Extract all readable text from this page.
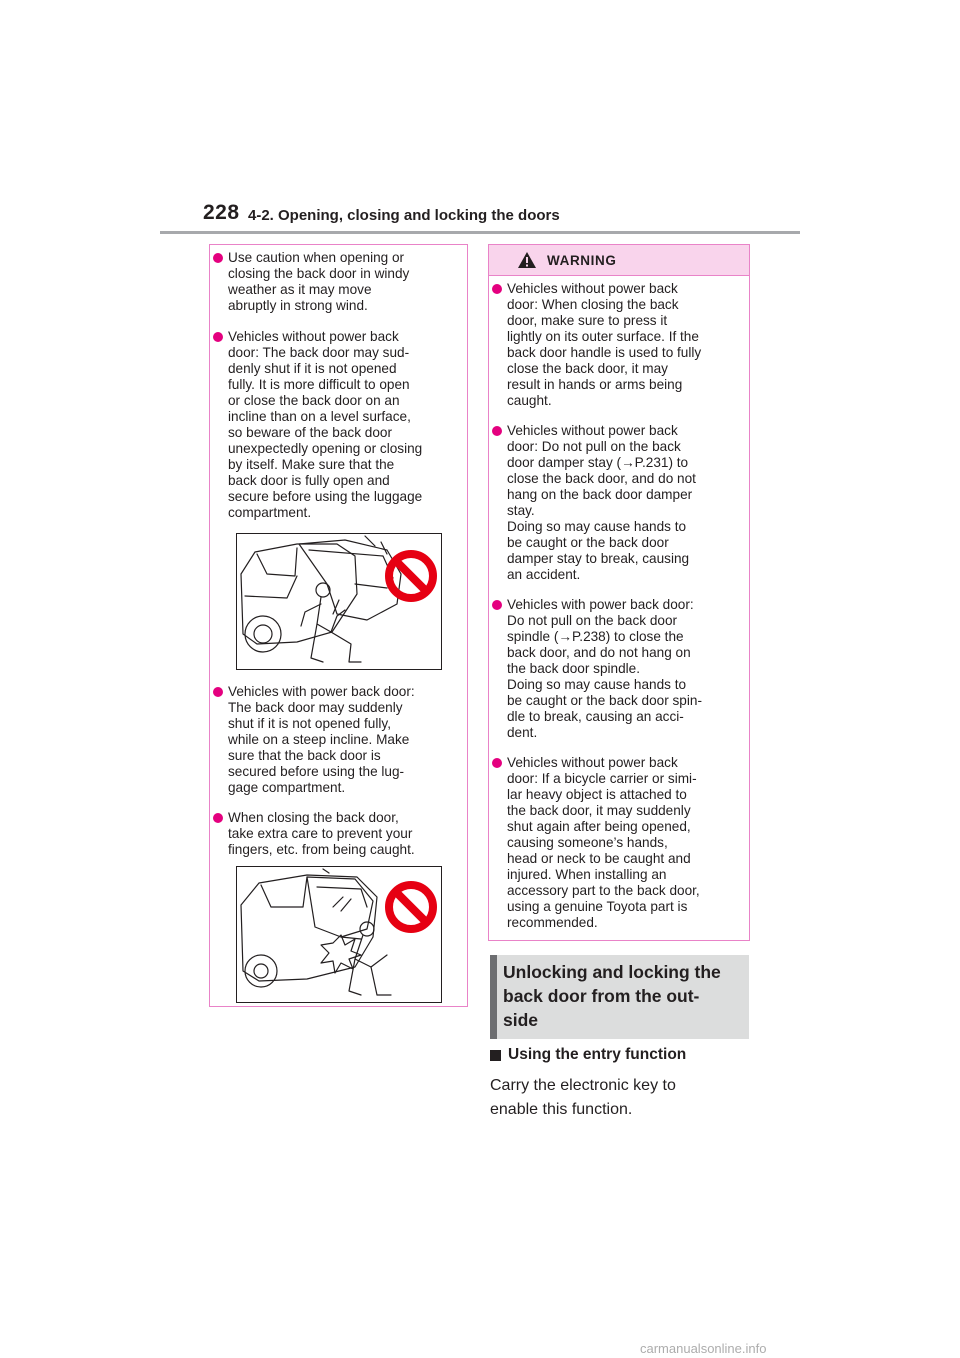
228 4-2. Opening, closing and locking the doors
Use caution when opening or
closing the back door in windy
weather as it may move
abruptly in strong wind.
Vehicles without power back
door: The back door may sud-
denly shut if it is not opened
fully. It is more difficult to open
or close the back door on an
incline than on a level surface,
so beware of the back door
unexpectedly opening or closing
by itself. Make sure that the
back door is fully open and
secure before using the luggage
compartment.
Vehicles with power back door:
The back door may suddenly
shut if it is not opened fully,
while on a steep incline. Make
sure that the back door is
secured before using the lug-
gage compartment.
When closing the back door,
take extra care to prevent your
fingers, etc. from being caught.
WARNING
Vehicles without power back
door: When closing the back
door, make sure to press it
lightly on its outer surface. If the
back door handle is used to fully
close the back door, it may
result in hands or arms being
caught.
Vehicles without power back
door: Do not pull on the back
door damper stay (→P.231) to
close the back door, and do not
hang on the back door damper
stay.
Doing so may cause hands to
be caught or the back door
damper stay to break, causing
an accident.
Vehicles with power back door:
Do not pull on the back door
spindle (→P.238) to close the
back door, and do not hang on
the back door spindle.
Doing so may cause hands to
be caught or the back door spin-
dle to break, causing an acci-
dent.
Vehicles without power back
door: If a bicycle carrier or simi-
lar heavy object is attached to
the back door, it may suddenly
shut again after being opened,
causing someone’s hands,
head or neck to be caught and
injured. When installing an
accessory part to the back door,
using a genuine Toyota part is
recommended.
Unlocking and locking the
back door from the out-
side
Using the entry function
Carry the electronic key to
enable this function.
carmanualsonline.info
